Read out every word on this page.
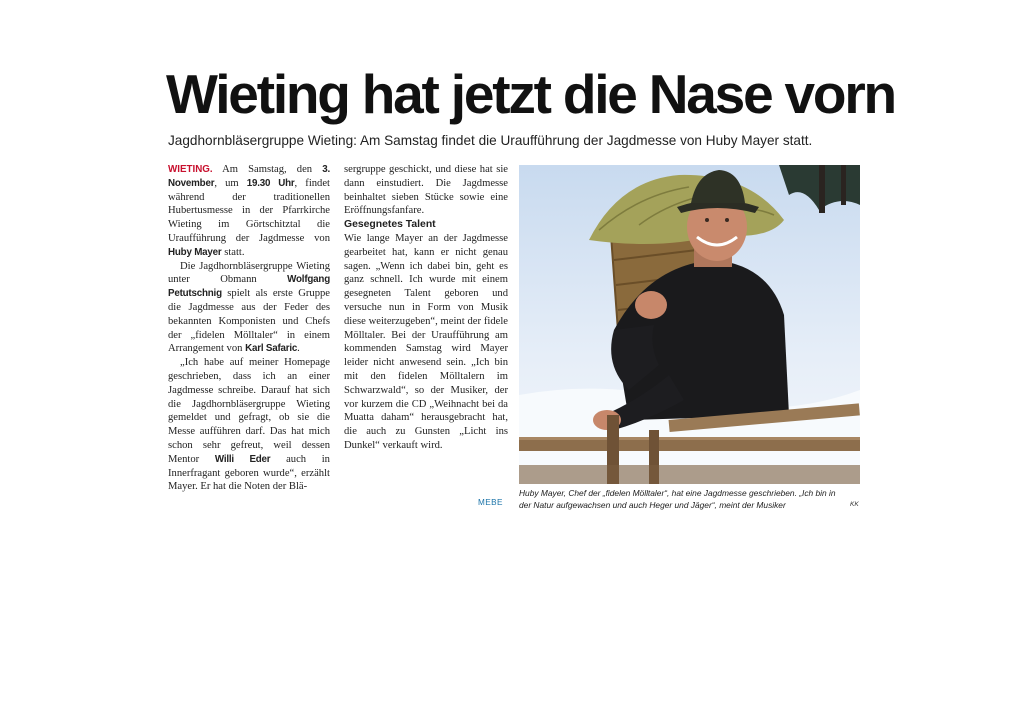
Wieting hat jetzt die Nase vorn
Jagdhornbläsergruppe Wieting: Am Samstag findet die Uraufführung der Jagdmesse von Huby Mayer statt.

WIETING. Am Samstag, den 3. November, um 19.30 Uhr, findet während der traditionellen Hubertusmesse in der Pfarrkirche Wieting im Görtschitztal die Uraufführung der Jagdmesse von Huby Mayer statt.

Die Jagdhornbläsergruppe Wieting unter Obmann Wolfgang Petutschnig spielt als erste Gruppe die Jagdmesse aus der Feder des bekannten Komponisten und Chefs der „fidelen Mölltaler“ in einem Arrangement von Karl Safaric.

„Ich habe auf meiner Homepage geschrieben, dass ich an einer Jagdmesse schreibe. Darauf hat sich die Jagdhornbläsergruppe Wieting gemeldet und gefragt, ob sie die Messe aufführen darf. Das hat mich schon sehr gefreut, weil dessen Mentor Willi Eder auch in Innerfragant geboren wurde“, erzählt Mayer. Er hat die Noten der Blä-

sergruppe geschickt, und diese hat sie dann einstudiert. Die Jagdmesse beinhaltet sieben Stücke sowie eine Eröffnungsfanfare.

Gesegnetes Talent

Wie lange Mayer an der Jagdmesse gearbeitet hat, kann er nicht genau sagen. „Wenn ich dabei bin, geht es ganz schnell. Ich wurde mit einem gesegneten Talent geboren und versuche nun in Form von Musik diese weiterzugeben“, meint der fidele Mölltaler. Bei der Uraufführung am kommenden Samstag wird Mayer leider nicht anwesend sein. „Ich bin mit den fidelen Mölltalern im Schwarzwald“, so der Musiker, der vor kurzem die CD „Weihnacht bei da Muatta daham“ herausgebracht hat, die auch zu Gunsten „Licht ins Dunkel“ verkauft wird.

MEBE
Huby Mayer, Chef der „fidelen Mölltaler“, hat eine Jagdmesse geschrieben. „Ich bin in der Natur aufgewachsen und auch Heger und Jäger“, meint der Musiker	KK
